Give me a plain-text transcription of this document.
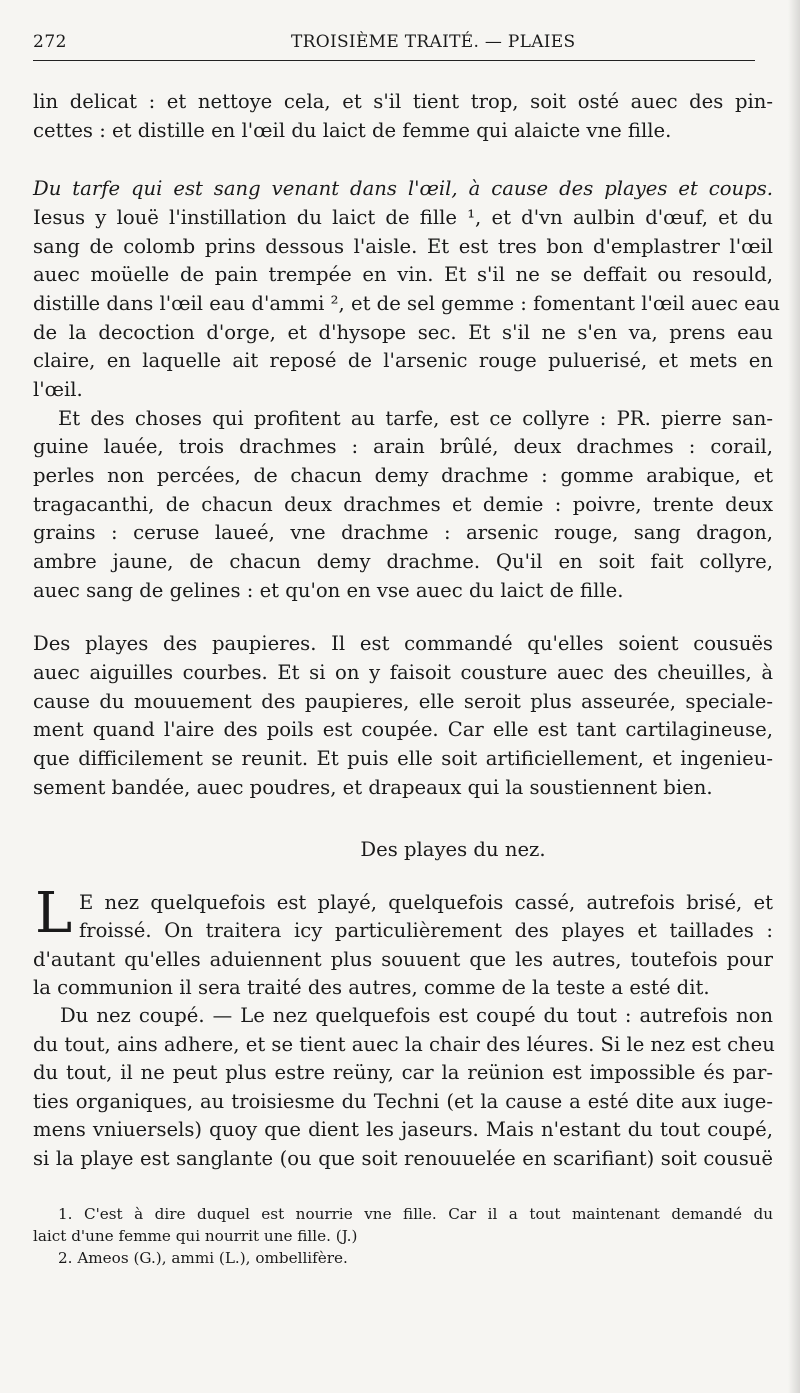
272	TROISIÈME TRAITÉ. — PLAIES
lin delicat : et nettoye cela, et s'il tient trop, soit osté auec des pin-
cettes : et distille en l'œil du laict de femme qui alaicte vne fille.
Du tarfe qui est sang venant dans l'œil, à cause des playes et coups.
Iesus y louë l'instillation du laict de fille ¹, et d'vn aulbin d'œuf, et du
sang de colomb prins dessous l'aisle. Et est tres bon d'emplastrer l'œil
auec moüelle de pain trempée en vin. Et s'il ne se deffait ou resould,
distille dans l'œil eau d'ammi ², et de sel gemme : fomentant l'œil auec eau
de la decoction d'orge, et d'hysope sec. Et s'il ne s'en va, prens eau
claire, en laquelle ait reposé de l'arsenic rouge puluerisé, et mets en
l'œil.
Et des choses qui profitent au tarfe, est ce collyre : PR. pierre san-
guine lauée, trois drachmes : arain brûlé, deux drachmes : corail,
perles non percées, de chacun demy drachme : gomme arabique, et
tragacanthi, de chacun deux drachmes et demie : poivre, trente deux
grains : ceruse laueé, vne drachme : arsenic rouge, sang dragon,
ambre jaune, de chacun demy drachme. Qu'il en soit fait collyre,
auec sang de gelines : et qu'on en vse auec du laict de fille.
Des playes des paupieres. Il est commandé qu'elles soient cousuës
auec aiguilles courbes. Et si on y faisoit cousture auec des cheuilles, à
cause du mouuement des paupieres, elle seroit plus asseurée, speciale-
ment quand l'aire des poils est coupée. Car elle est tant cartilagineuse,
que difficilement se reunit. Et puis elle soit artificiellement, et ingenieu-
sement bandée, auec poudres, et drapeaux qui la soustiennent bien.
Des playes du nez.
L E nez quelquefois est playé, quelquefois cassé, autrefois brisé, et
froissé. On traitera icy particulièrement des playes et taillades :
d'autant qu'elles aduiennent plus souuent que les autres, toutefois pour
la communion il sera traité des autres, comme de la teste a esté dit.
Du nez coupé. — Le nez quelquefois est coupé du tout : autrefois non
du tout, ains adhere, et se tient auec la chair des léures. Si le nez est cheu
du tout, il ne peut plus estre reüny, car la reünion est impossible és par-
ties organiques, au troisiesme du Techni (et la cause a esté dite aux iuge-
mens vniuersels) quoy que dient les jaseurs. Mais n'estant du tout coupé,
si la playe est sanglante (ou que soit renouuelée en scarifiant) soit cousuë
1. C'est à dire duquel est nourrie vne fille. Car il a tout maintenant demandé du
laict d'une femme qui nourrit une fille. (J.)
2. Ameos (G.), ammi (L.), ombellifère.
